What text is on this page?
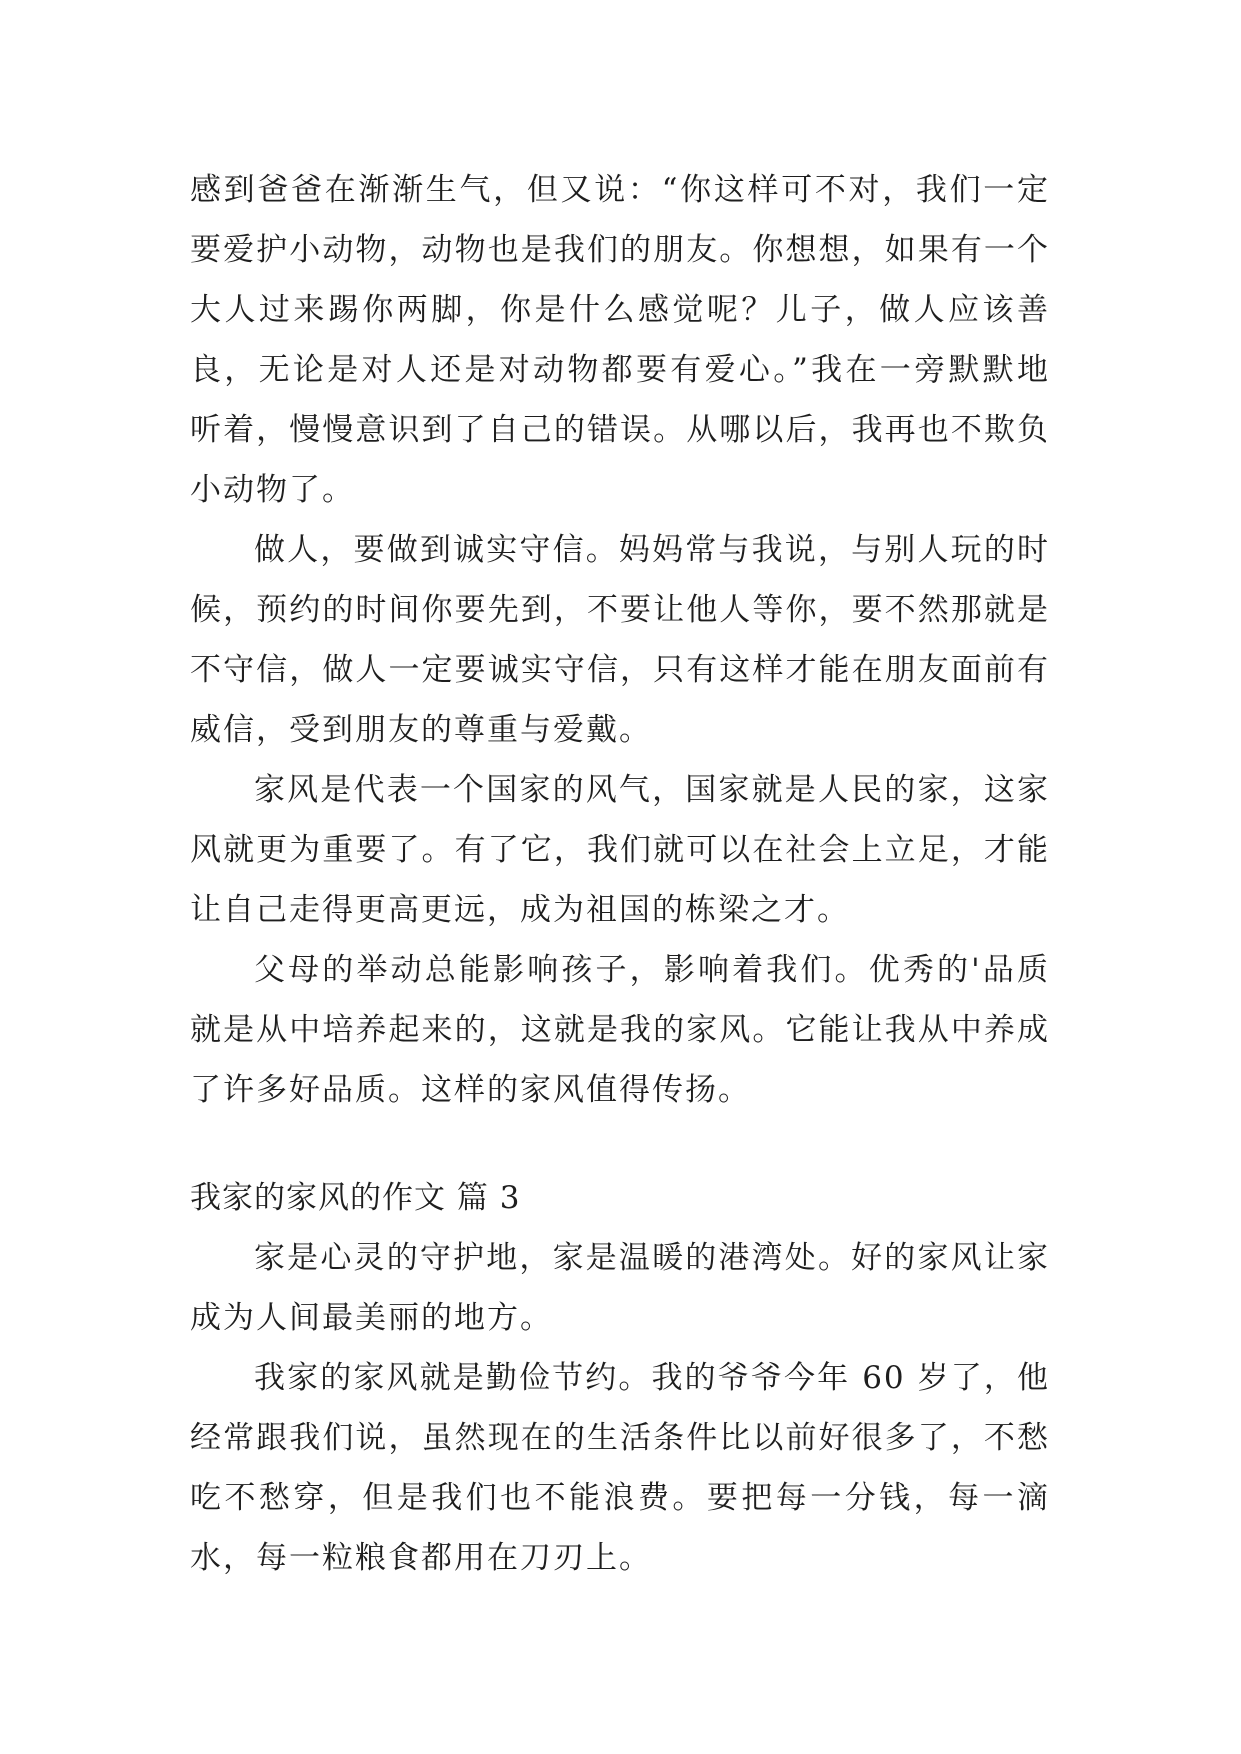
感到爸爸在渐渐生气，但又说：“你这样可不对，我们一定要爱护小动物，动物也是我们的朋友。你想想，如果有一个大人过来踢你两脚，你是什么感觉呢？儿子，做人应该善良，无论是对人还是对动物都要有爱心。”我在一旁默默地听着，慢慢意识到了自己的错误。从哪以后，我再也不欺负小动物了。

做人，要做到诚实守信。妈妈常与我说，与别人玩的时候，预约的时间你要先到，不要让他人等你，要不然那就是不守信，做人一定要诚实守信，只有这样才能在朋友面前有威信，受到朋友的尊重与爱戴。

家风是代表一个国家的风气，国家就是人民的家，这家风就更为重要了。有了它，我们就可以在社会上立足，才能让自己走得更高更远，成为祖国的栋梁之才。

父母的举动总能影响孩子，影响着我们。优秀的'品质就是从中培养起来的，这就是我的家风。它能让我从中养成了许多好品质。这样的家风值得传扬。

我家的家风的作文 篇 3

家是心灵的守护地，家是温暖的港湾处。好的家风让家成为人间最美丽的地方。

我家的家风就是勤俭节约。我的爷爷今年 60 岁了，他经常跟我们说，虽然现在的生活条件比以前好很多了，不愁吃不愁穿，但是我们也不能浪费。要把每一分钱，每一滴水，每一粒粮食都用在刀刃上。
